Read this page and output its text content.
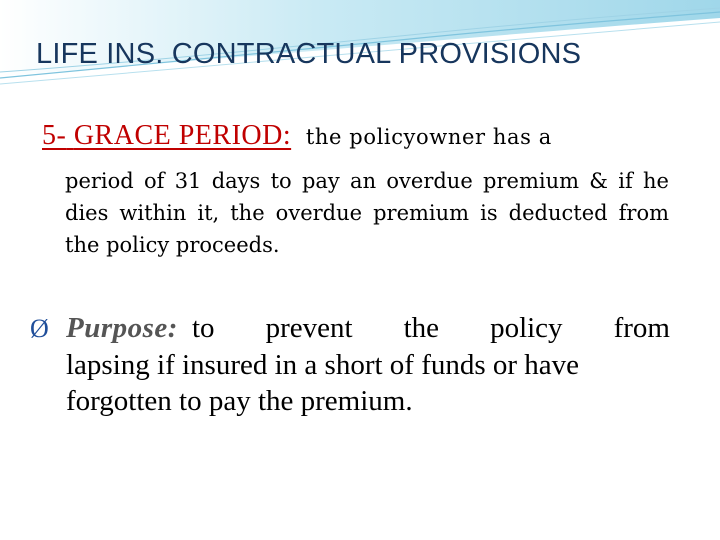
LIFE INS. CONTRACTUAL PROVISIONS
5- GRACE PERIOD: the policyowner has a
period of 31 days to pay an overdue premium & if he dies within it, the overdue premium is deducted from the policy proceeds.
Ø Purpose: to prevent the policy from
lapsing if insured in a short of funds or have forgotten to pay the premium.
